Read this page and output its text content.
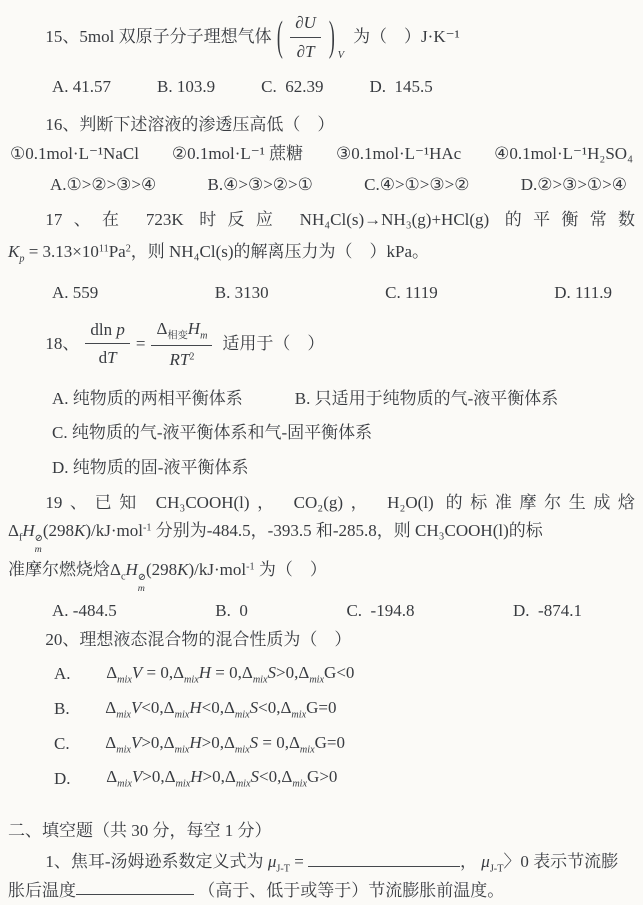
15、5mol 双原子分子理想气体 ( $\frac{\partial U}{\partial T}$ ) V
为（　）J·K⁻¹
A. 41.57	B. 103.9	C.  62.39	D.  145.5
16、判断下述溶液的渗透压高低（　）
①0.1mol·L⁻¹NaCl ②0.1mol·L⁻¹ 蔗糖 ③0.1mol·L⁻¹HAc ④0.1mol·L⁻¹H₂SO₄
A.①>②>③>④	B.④>③>②>①	C.④>①>③>②	D.②>③>①>④
17、在 723K 时反应 NH₄Cl(s)→NH₃(g)+HCl(g) 的平衡常数
$K_p = 3.13\times 10^{11}Pa^2$，则 NH₄Cl(s)的解离压力为（　）kPa。
A. 559	B. 3130	C. 1119	D. 111.9
18、 $\frac{\text{dln p}}{dT} = \frac{\Delta_{相变}H_m}{RT^2}$ 适用于（　）
A. 纯物质的两相平衡体系	B. 只适用于纯物质的气-液平衡体系
C. 纯物质的气-液平衡体系和气-固平衡体系
D. 纯物质的固-液平衡体系
19、已知 CH₃COOH(l)， CO₂(g)， H₂O(l) 的标准摩尔生成焓
$\Delta_fH$ ⊘
m
(298K)/kJ·mol$^{-1}$ 分别为-484.5，-393.5 和-285.8，则 CH₃COOH(l)的标
准摩尔燃烧焓$\Delta_cH$ ⊘
m
(298K)/kJ·mol$^{-1}$ 为（　）
A. -484.5	B.  0	C.  -194.8	D.  -874.1
20、理想液态混合物的混合性质为（　）
A. $\Delta_{mix}V = 0,\Delta_{mix}H = 0,\Delta_{mix}S>0,\Delta_{mix}G<0$
B. $\Delta_{mix}V<0,\Delta_{mix}H<0,\Delta_{mix}S<0,\Delta_{mix}G=0$
C. $\Delta_{mix}V>0,\Delta_{mix}H>0,\Delta_{mix}S = 0,\Delta_{mix}G=0$
D. $\Delta_{mix}V>0,\Delta_{mix}H>0,\Delta_{mix}S<0,\Delta_{mix}G>0$
二、填空题（共 30 分，每空 1 分）
1、焦耳-汤姆逊系数定义式为 $\mu_{J-T}$ =	， $\mu_{J-T}$〉0 表示节流膨
胀后温度	（高于、低于或等于）节流膨胀前温度。
